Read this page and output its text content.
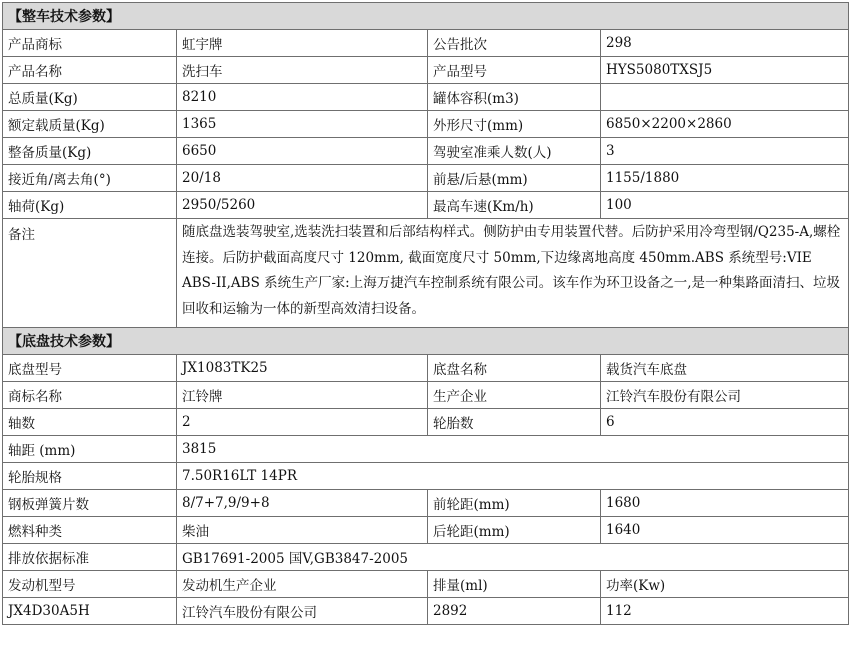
【整车技术参数】			
产品商标	虹宇牌	公告批次	298
产品名称	洗扫车	产品型号	HYS5080TXSJ5
总质量(Kg)	8210	罐体容积(m3)	
额定载质量(Kg)	1365	外形尺寸(mm)	6850×2200×2860
整备质量(Kg)	6650	驾驶室准乘人数(人)	3
接近角/离去角(°)	20/18	前悬/后悬(mm)	1155/1880
轴荷(Kg)	2950/5260	最高车速(Km/h)	100
备注	随底盘选装驾驶室,选装洗扫装置和后部结构样式。侧防护由专用装置代替。后防护采用冷弯型钢/Q235-A,螺栓连接。后防护截面高度尺寸 120mm, 截面宽度尺寸 50mm,下边缘离地高度 450mm.ABS 系统型号:VIE ABS-II,ABS 系统生产厂家:上海万捷汽车控制系统有限公司。该车作为环卫设备之一,是一种集路面清扫、垃圾回收和运输为一体的新型高效清扫设备。		
【底盘技术参数】			
底盘型号	JX1083TK25	底盘名称	载货汽车底盘
商标名称	江铃牌	生产企业	江铃汽车股份有限公司
轴数	2	轮胎数	6
轴距 (mm)	3815		
轮胎规格	7.50R16LT 14PR		
钢板弹簧片数	8/7+7,9/9+8	前轮距(mm)	1680
燃料种类	柴油	后轮距(mm)	1640
排放依据标准	GB17691-2005 国V,GB3847-2005		
发动机型号	发动机生产企业	排量(ml)	功率(Kw)
JX4D30A5H	江铃汽车股份有限公司	2892	112
